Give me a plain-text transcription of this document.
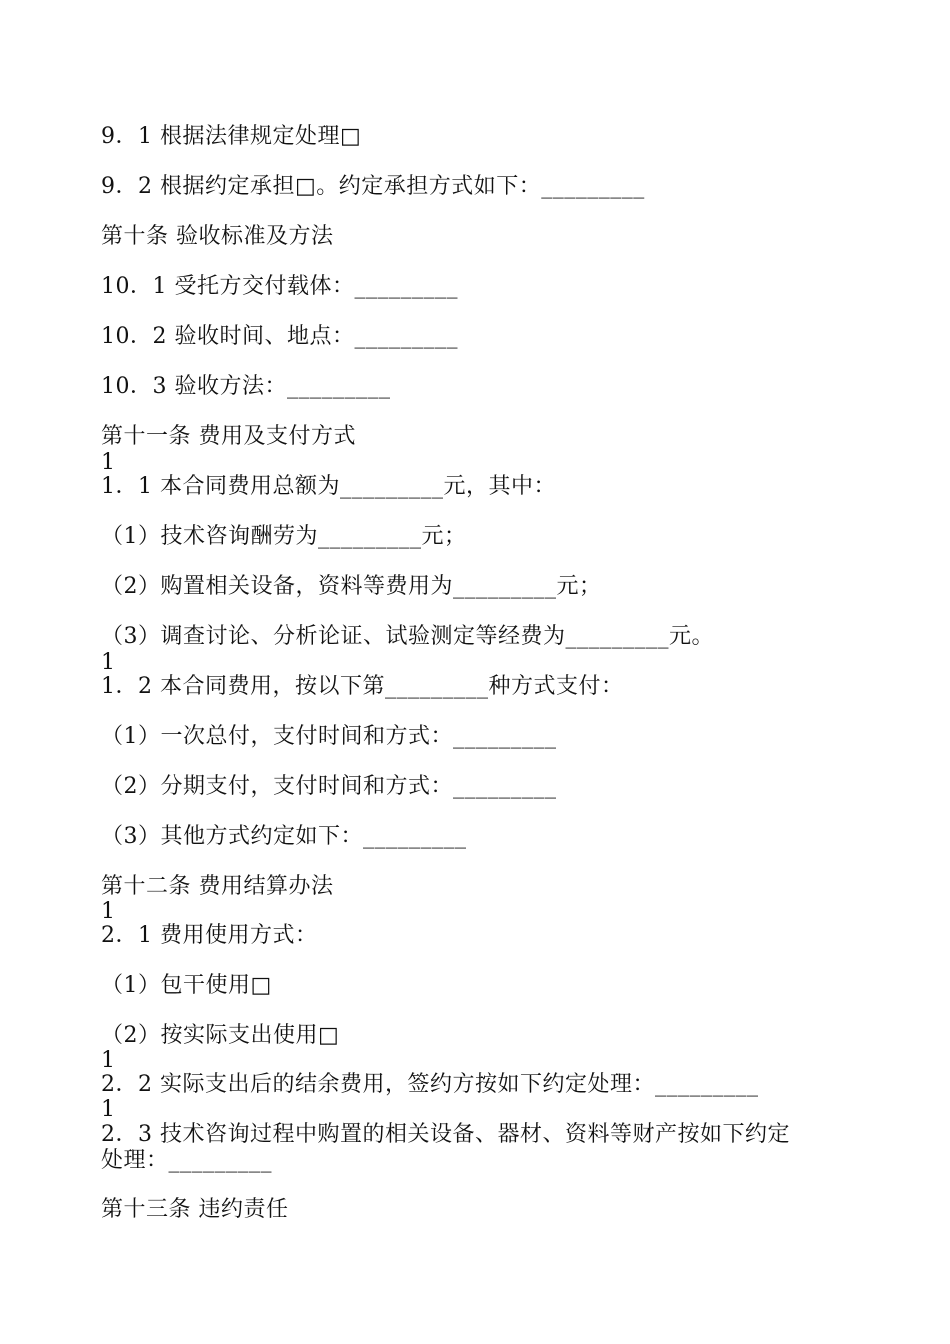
9．1 根据法律规定处理□
9．2 根据约定承担□。约定承担方式如下：_________
第十条 验收标准及方法
10．1 受托方交付载体：_________
10．2 验收时间、地点：_________
10．3 验收方法：_________
第十一条 费用及支付方式
1
1．1 本合同费用总额为_________元，其中：
（1）技术咨询酬劳为_________元；
（2）购置相关设备，资料等费用为_________元；
（3）调查讨论、分析论证、试验测定等经费为_________元。
1
1．2 本合同费用，按以下第_________种方式支付：
（1）一次总付，支付时间和方式：_________
（2）分期支付，支付时间和方式：_________
（3）其他方式约定如下：_________
第十二条 费用结算办法
1
2．1 费用使用方式：
（1）包干使用□
（2）按实际支出使用□
1
2．2 实际支出后的结余费用，签约方按如下约定处理：_________
1
2．3 技术咨询过程中购置的相关设备、器材、资料等财产按如下约定
处理：_________
第十三条 违约责任
